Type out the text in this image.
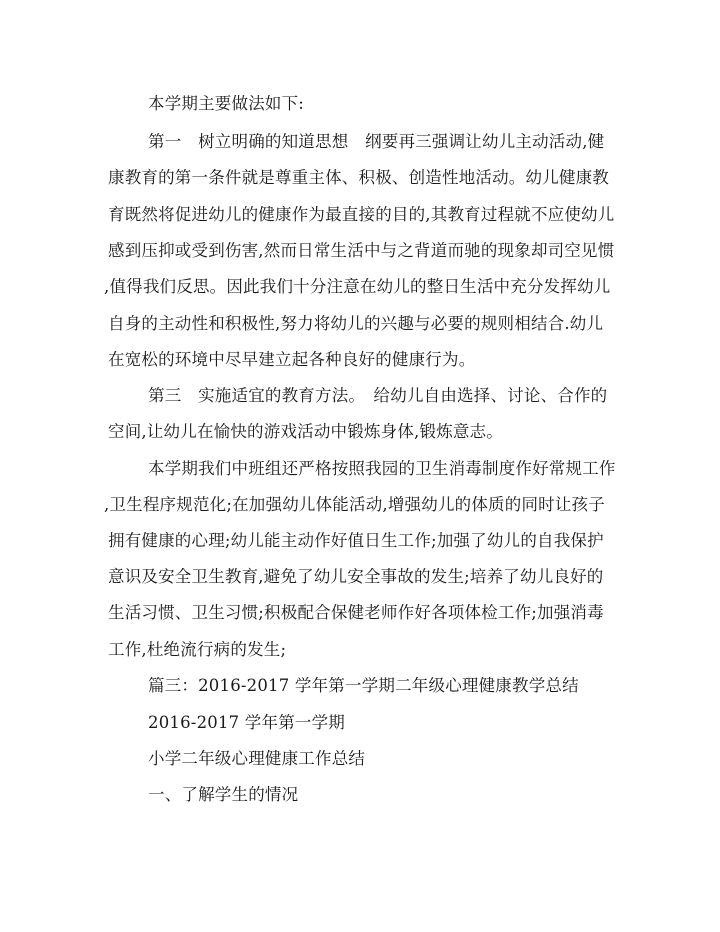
本学期主要做法如下:
第一　树立明确的知道思想　纲要再三强调让幼儿主动活动,健
康教育的第一条件就是尊重主体、积极、创造性地活动。幼儿健康教
育既然将促进幼儿的健康作为最直接的目的,其教育过程就不应使幼儿
感到压抑或受到伤害,然而日常生活中与之背道而驰的现象却司空见惯
,值得我们反思。因此我们十分注意在幼儿的整日生活中充分发挥幼儿
自身的主动性和积极性,努力将幼儿的兴趣与必要的规则相结合.幼儿
在宽松的环境中尽早建立起各种良好的健康行为。
第三　实施适宜的教育方法。　给幼儿自由选择、讨论、合作的
空间,让幼儿在愉快的游戏活动中锻炼身体,锻炼意志。
本学期我们中班组还严格按照我园的卫生消毒制度作好常规工作
,卫生程序规范化;在加强幼儿体能活动,增强幼儿的体质的同时让孩子
拥有健康的心理;幼儿能主动作好值日生工作;加强了幼儿的自我保护
意识及安全卫生教育,避免了幼儿安全事故的发生;培养了幼儿良好的
生活习惯、卫生习惯;积极配合保健老师作好各项体检工作;加强消毒
工作,杜绝流行病的发生;
篇三：2016-2017 学年第一学期二年级心理健康教学总结
2016-2017 学年第一学期
小学二年级心理健康工作总结
一、了解学生的情况
